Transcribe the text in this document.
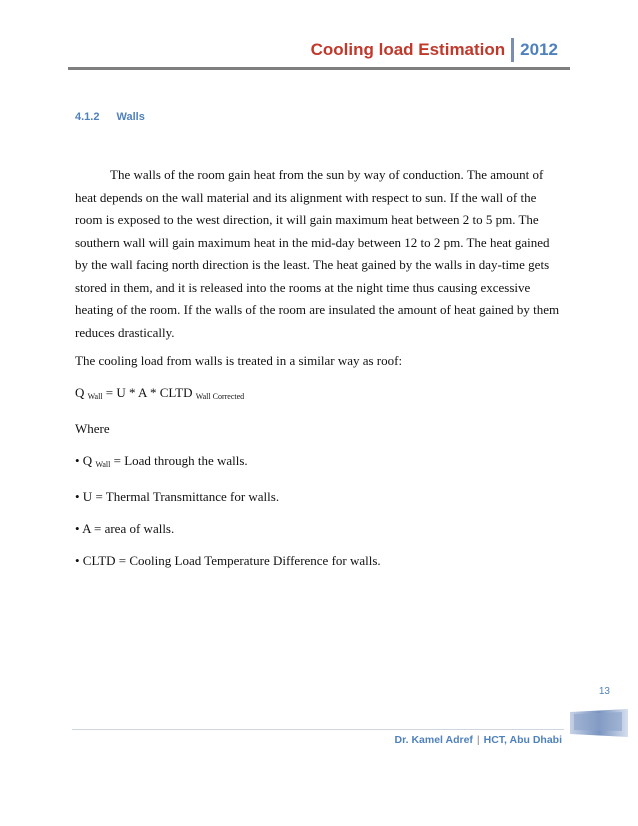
Cooling load Estimation 2012
4.1.2 Walls

The walls of the room gain heat from the sun by way of conduction. The amount of heat depends on the wall material and its alignment with respect to sun. If the wall of the room is exposed to the west direction, it will gain maximum heat between 2 to 5 pm. The southern wall will gain maximum heat in the mid-day between 12 to 2 pm. The heat gained by the wall facing north direction is the least. The heat gained by the walls in day-time gets stored in them, and it is released into the rooms at the night time thus causing excessive heating of the room. If the walls of the room are insulated the amount of heat gained by them reduces drastically.

The cooling load from walls is treated in a similar way as roof:

Q $_{Wall}$ = U * A * CLTD $_{Wall Corrected}$

Where

• Q $_{Wall}$ = Load through the walls.

• U = Thermal Transmittance for walls.

• A = area of walls.

• CLTD = Cooling Load Temperature Difference for walls.

13
Dr. Kamel Adref | HCT, Abu Dhabi
